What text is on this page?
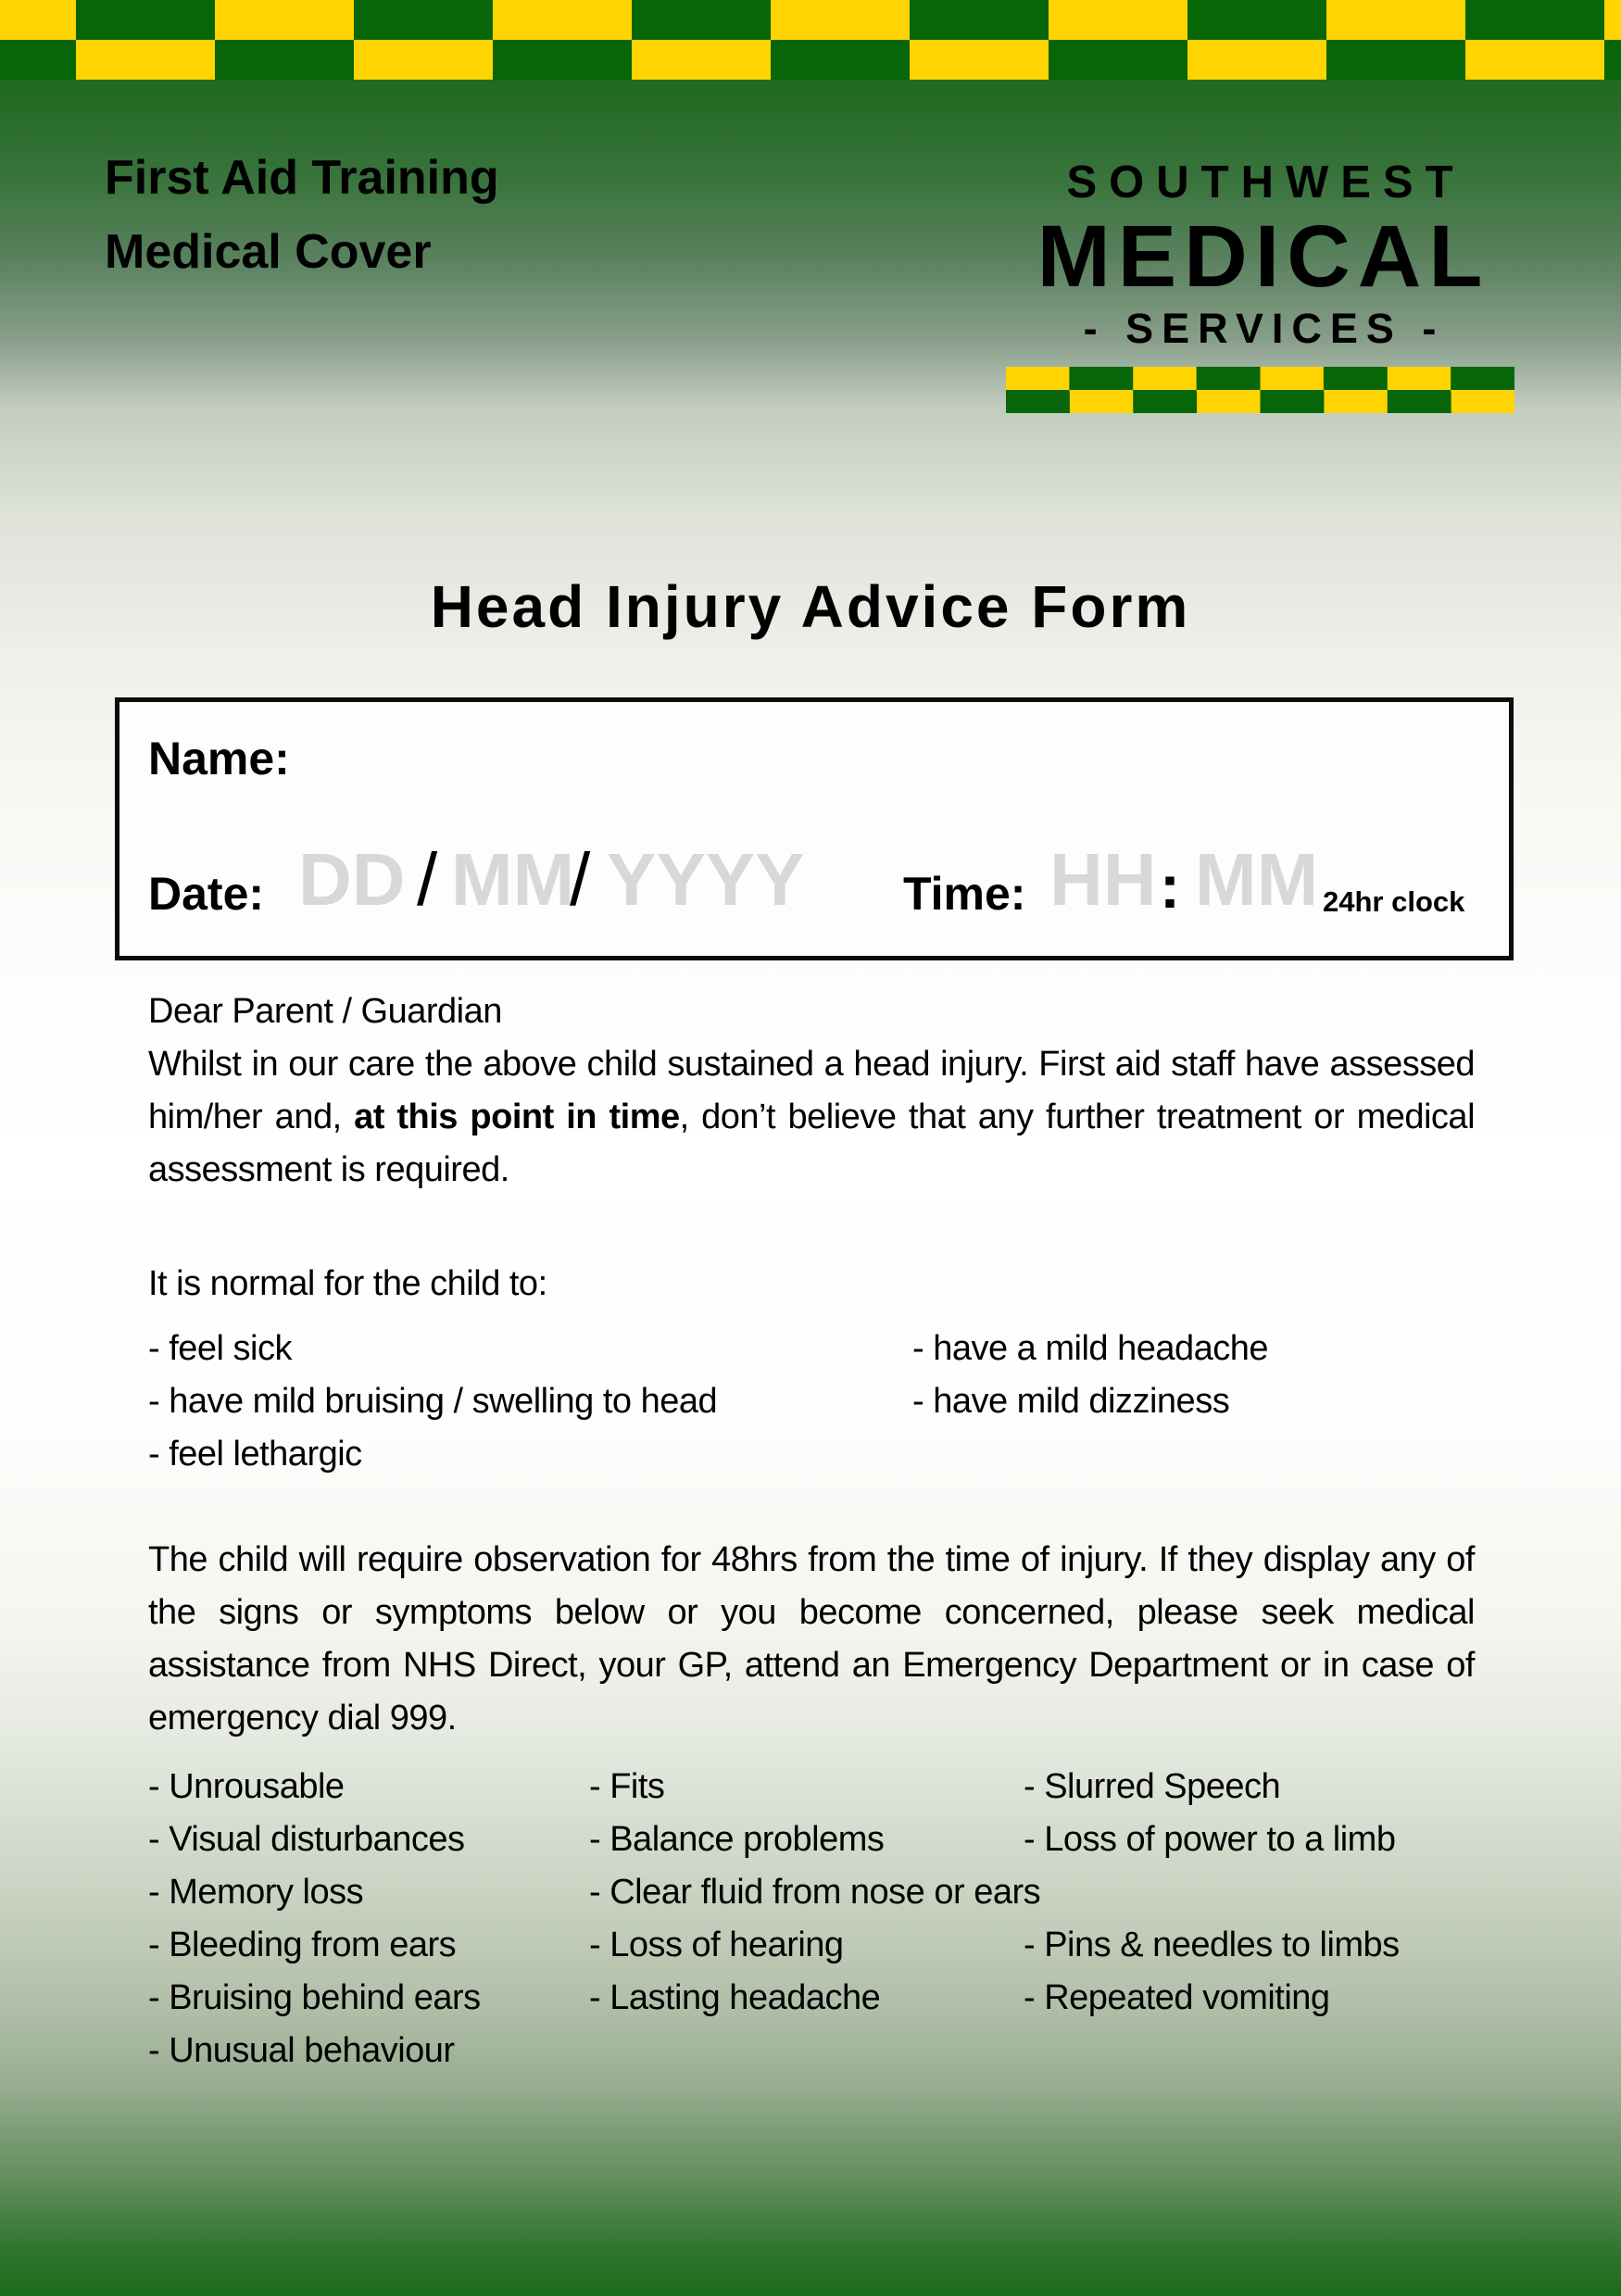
First Aid Training
Medical Cover
SOUTHWEST
MEDICAL
- SERVICES -
Head Injury Advice Form
Name:
Date: DD / MM
/ YYYY Time: HH : MM 24hr clock
Dear Parent / Guardian
Whilst in our care the above child sustained a head injury. First aid staff have assessed him/her and, at this point in time, don’t believe that any further treatment or medical assessment is required.
It is normal for the child to:
- feel sick
- have mild bruising / swelling to head
- feel lethargic
- have a mild headache
- have mild dizziness
The child will require observation for 48hrs from the time of injury. If they display any of the signs or symptoms below or you become concerned, please seek medical assistance from NHS Direct, your GP, attend an Emergency Department or in case of emergency dial 999.
- Unrousable
- Visual disturbances
- Memory loss
- Bleeding from ears
- Bruising behind ears
- Unusual behaviour
- Fits
- Balance problems
- Clear fluid from nose or ears
- Loss of hearing
- Lasting headache
- Slurred Speech
- Loss of power to a limb
- Pins & needles to limbs
- Repeated vomiting
